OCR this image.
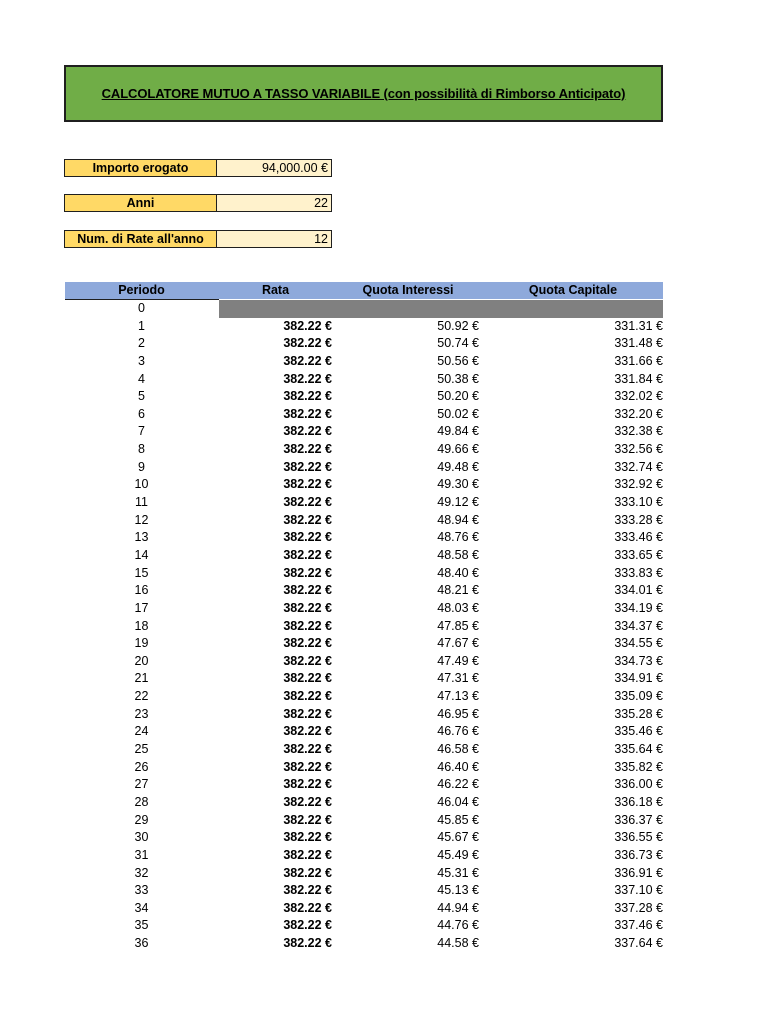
CALCOLATORE MUTUO A TASSO VARIABILE (con possibilità di Rimborso Anticipato)
Importo erogato	94,000.00 €
Anni	22
Num. di Rate all'anno	12
Periodo	Rata	Quota Interessi	Quota Capitale
0
1	382.22 €	50.92 €	331.31 €
2	382.22 €	50.74 €	331.48 €
3	382.22 €	50.56 €	331.66 €
4	382.22 €	50.38 €	331.84 €
5	382.22 €	50.20 €	332.02 €
6	382.22 €	50.02 €	332.20 €
7	382.22 €	49.84 €	332.38 €
8	382.22 €	49.66 €	332.56 €
9	382.22 €	49.48 €	332.74 €
10	382.22 €	49.30 €	332.92 €
11	382.22 €	49.12 €	333.10 €
12	382.22 €	48.94 €	333.28 €
13	382.22 €	48.76 €	333.46 €
14	382.22 €	48.58 €	333.65 €
15	382.22 €	48.40 €	333.83 €
16	382.22 €	48.21 €	334.01 €
17	382.22 €	48.03 €	334.19 €
18	382.22 €	47.85 €	334.37 €
19	382.22 €	47.67 €	334.55 €
20	382.22 €	47.49 €	334.73 €
21	382.22 €	47.31 €	334.91 €
22	382.22 €	47.13 €	335.09 €
23	382.22 €	46.95 €	335.28 €
24	382.22 €	46.76 €	335.46 €
25	382.22 €	46.58 €	335.64 €
26	382.22 €	46.40 €	335.82 €
27	382.22 €	46.22 €	336.00 €
28	382.22 €	46.04 €	336.18 €
29	382.22 €	45.85 €	336.37 €
30	382.22 €	45.67 €	336.55 €
31	382.22 €	45.49 €	336.73 €
32	382.22 €	45.31 €	336.91 €
33	382.22 €	45.13 €	337.10 €
34	382.22 €	44.94 €	337.28 €
35	382.22 €	44.76 €	337.46 €
36	382.22 €	44.58 €	337.64 €
